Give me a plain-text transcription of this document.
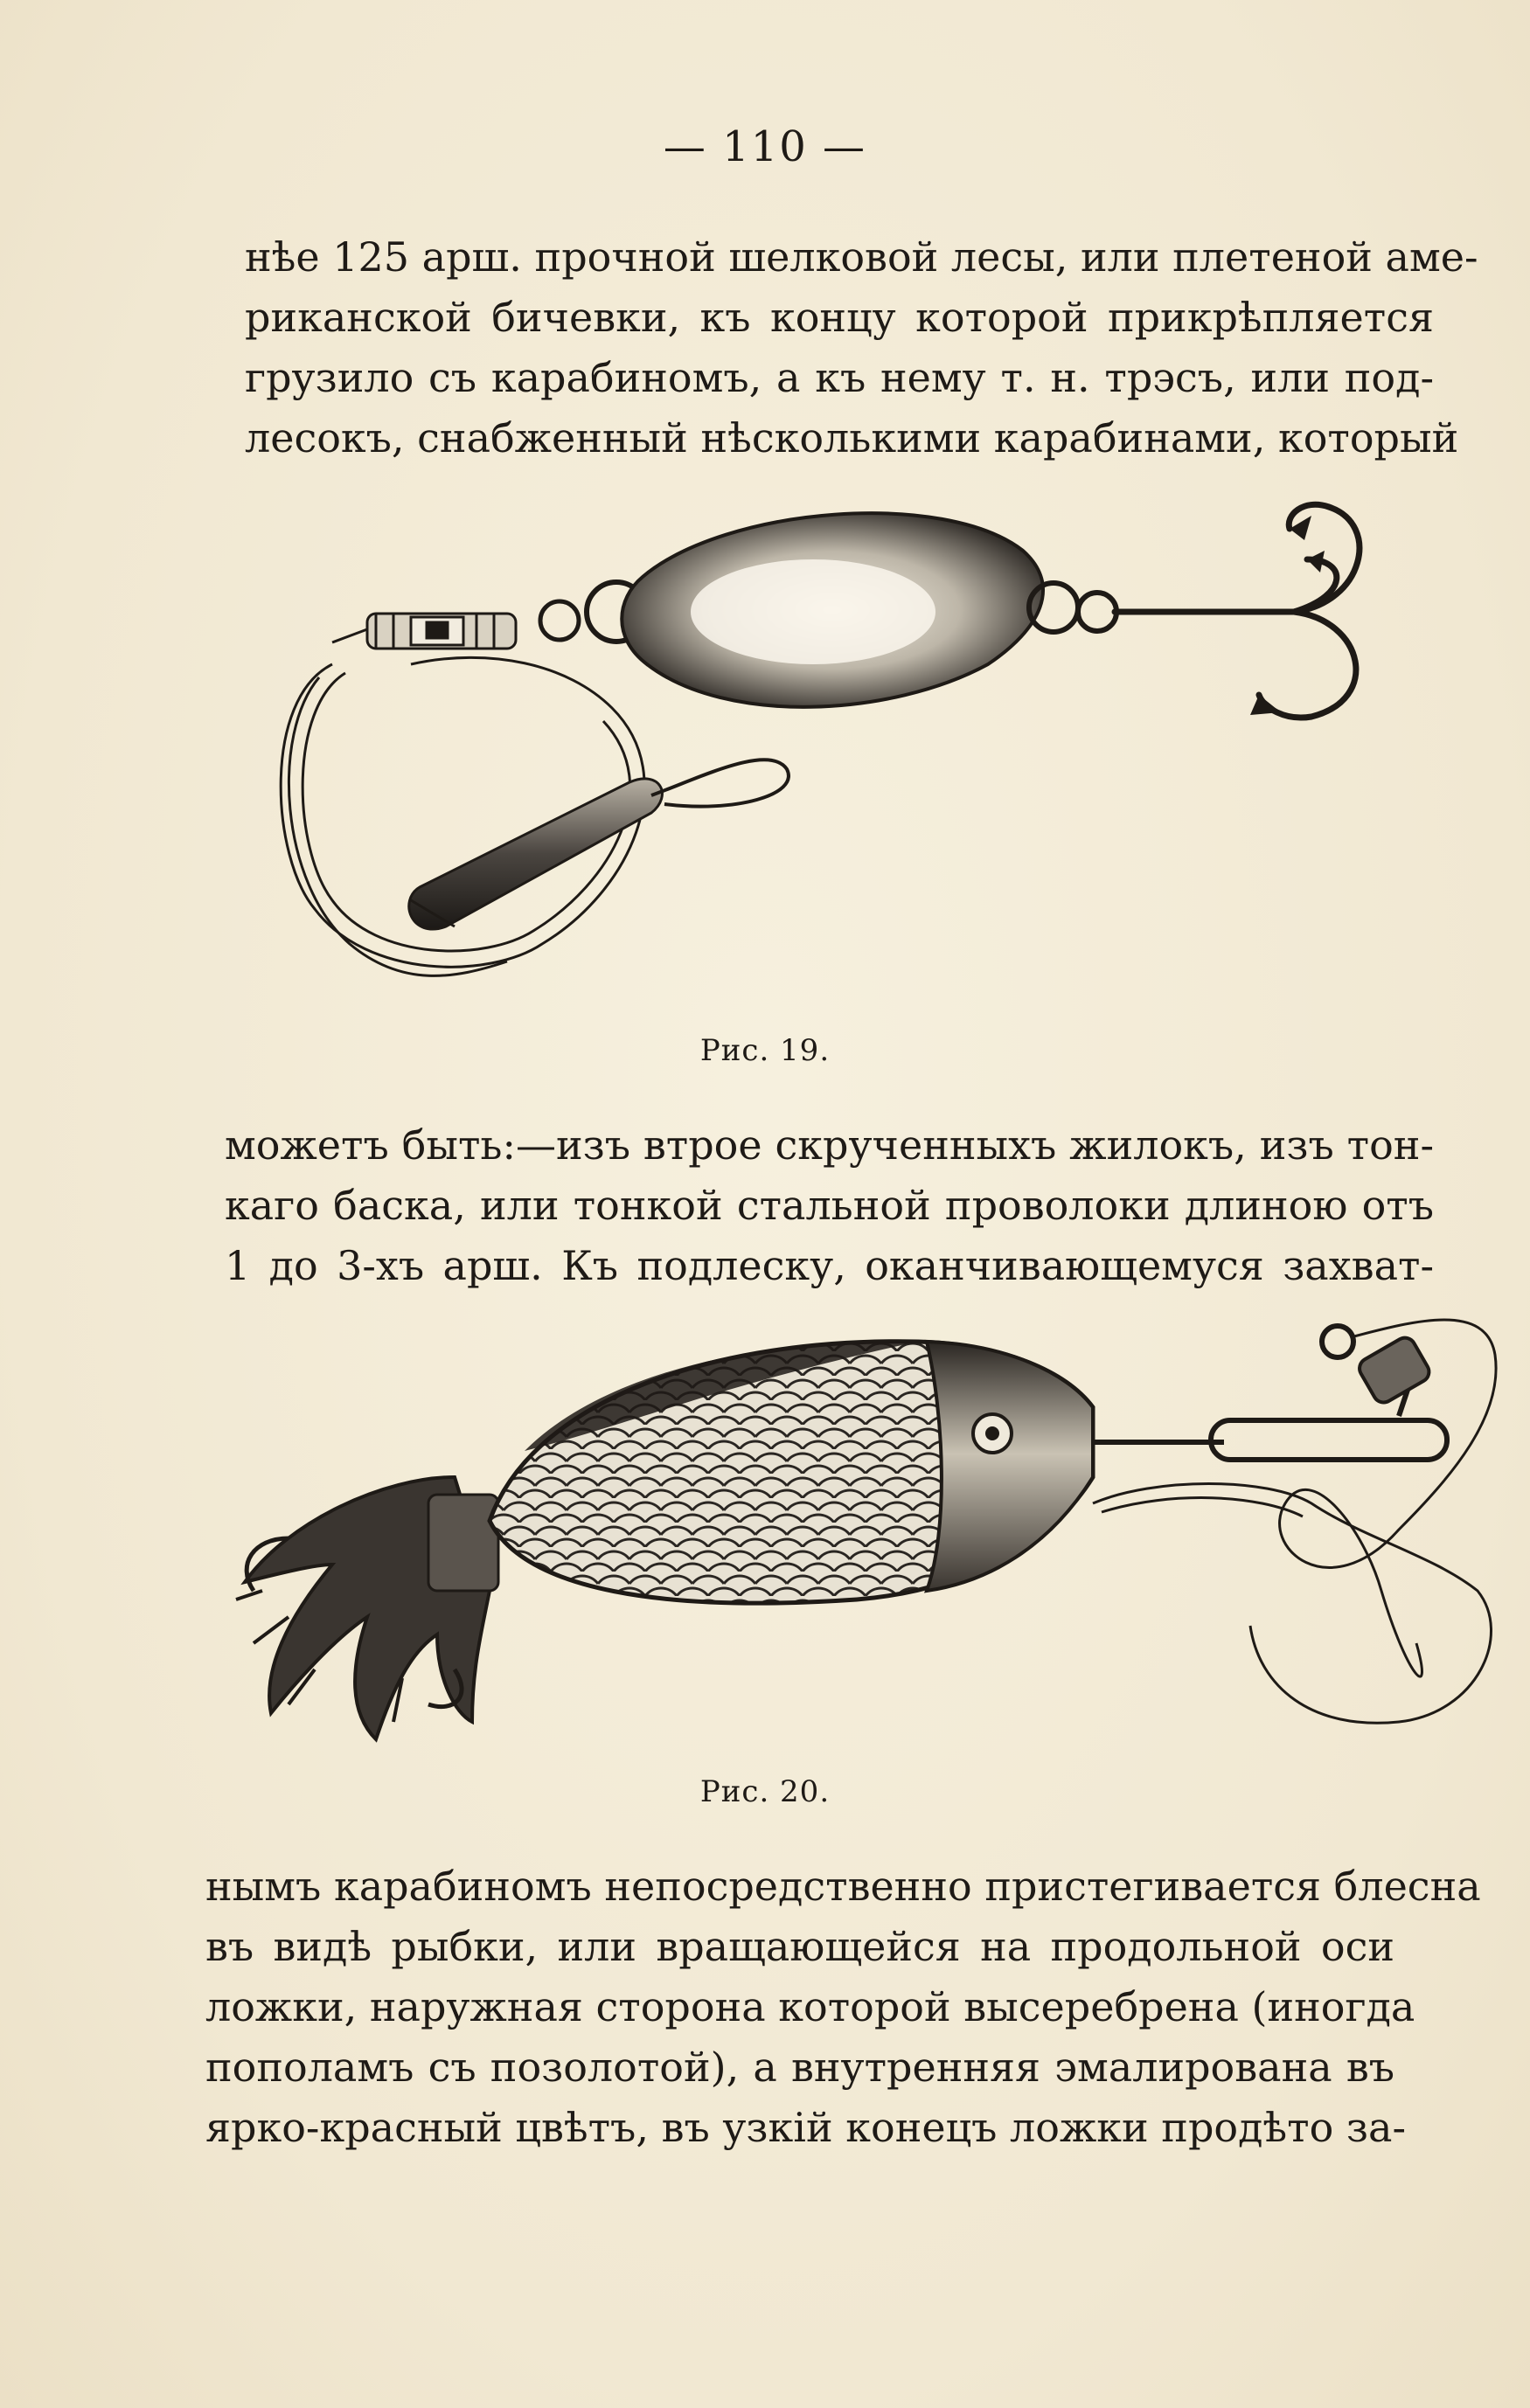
— 110 —
нѣе 125 арш. прочной шелковой лесы, или плетеной аме-
риканской бичевки, къ концу которой прикрѣпляется
грузило съ карабиномъ, а къ нему т. н. трэсъ, или под-
лесокъ, снабженный нѣсколькими карабинами, который
Рис. 19.
можетъ быть:—изъ втрое скрученныхъ жилокъ, изъ тон-
каго баска, или тонкой стальной проволоки длиною отъ
1 до 3-хъ арш. Къ подлеску, оканчивающемуся захват-
Рис. 20.
нымъ карабиномъ непосредственно пристегивается блесна
въ видѣ рыбки, или вращающейся на продольной оси
ложки, наружная сторона которой высеребрена (иногда
пополамъ съ позолотой), а внутренняя эмалирована въ
ярко-красный цвѣтъ, въ узкій конецъ ложки продѣто за-
